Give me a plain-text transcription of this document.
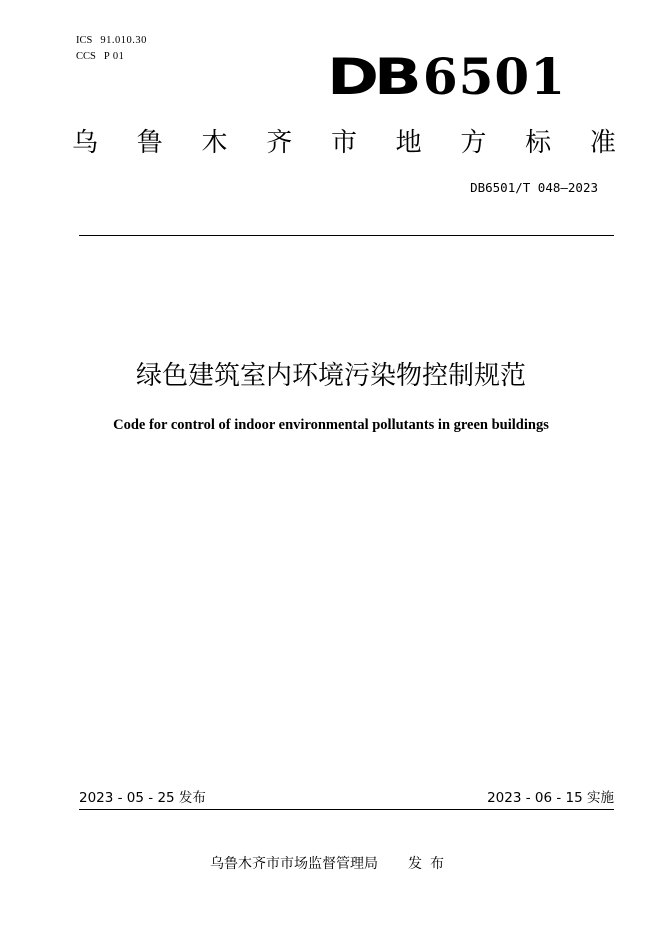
ICS 91.010.30
CCS P 01	DB 6501
乌 鲁 木 齐 市 地 方 标 准
DB6501/T 048—2023
绿色建筑室内环境污染物控制规范
Code for control of indoor environmental pollutants in green buildings
2023 - 05 - 25 发布	2023 - 06 - 15 实施
乌鲁木齐市市场监督管理局 发布
